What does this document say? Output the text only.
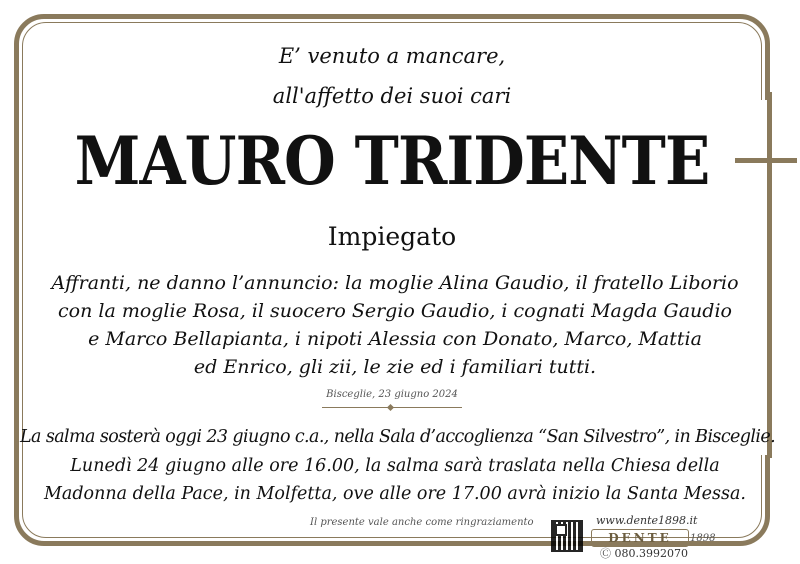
E’ venuto a mancare,
all'affetto dei suoi cari
MAURO TRIDENTE
Impiegato
Affranti, ne danno l’annuncio: la moglie Alina Gaudio, il fratello Liborio
con la moglie Rosa, il suocero Sergio Gaudio, i cognati Magda Gaudio
e Marco Bellapianta, i nipoti Alessia con Donato, Marco, Mattia
ed Enrico, gli zii, le zie ed i familiari tutti.
Bisceglie, 23 giugno 2024
La salma sosterà oggi 23 giugno c.a., nella Sala d’accoglienza “San Silvestro”, in Bisceglie.
Lunedì 24 giugno alle ore 16.00, la salma sarà traslata nella Chiesa della
Madonna della Pace, in Molfetta, ove alle ore 17.00 avrà inizio la Santa Messa.
Il presente vale anche come ringraziamento	www.dente1898.it
DENTE	1898
Ⓒ 080.3992070
